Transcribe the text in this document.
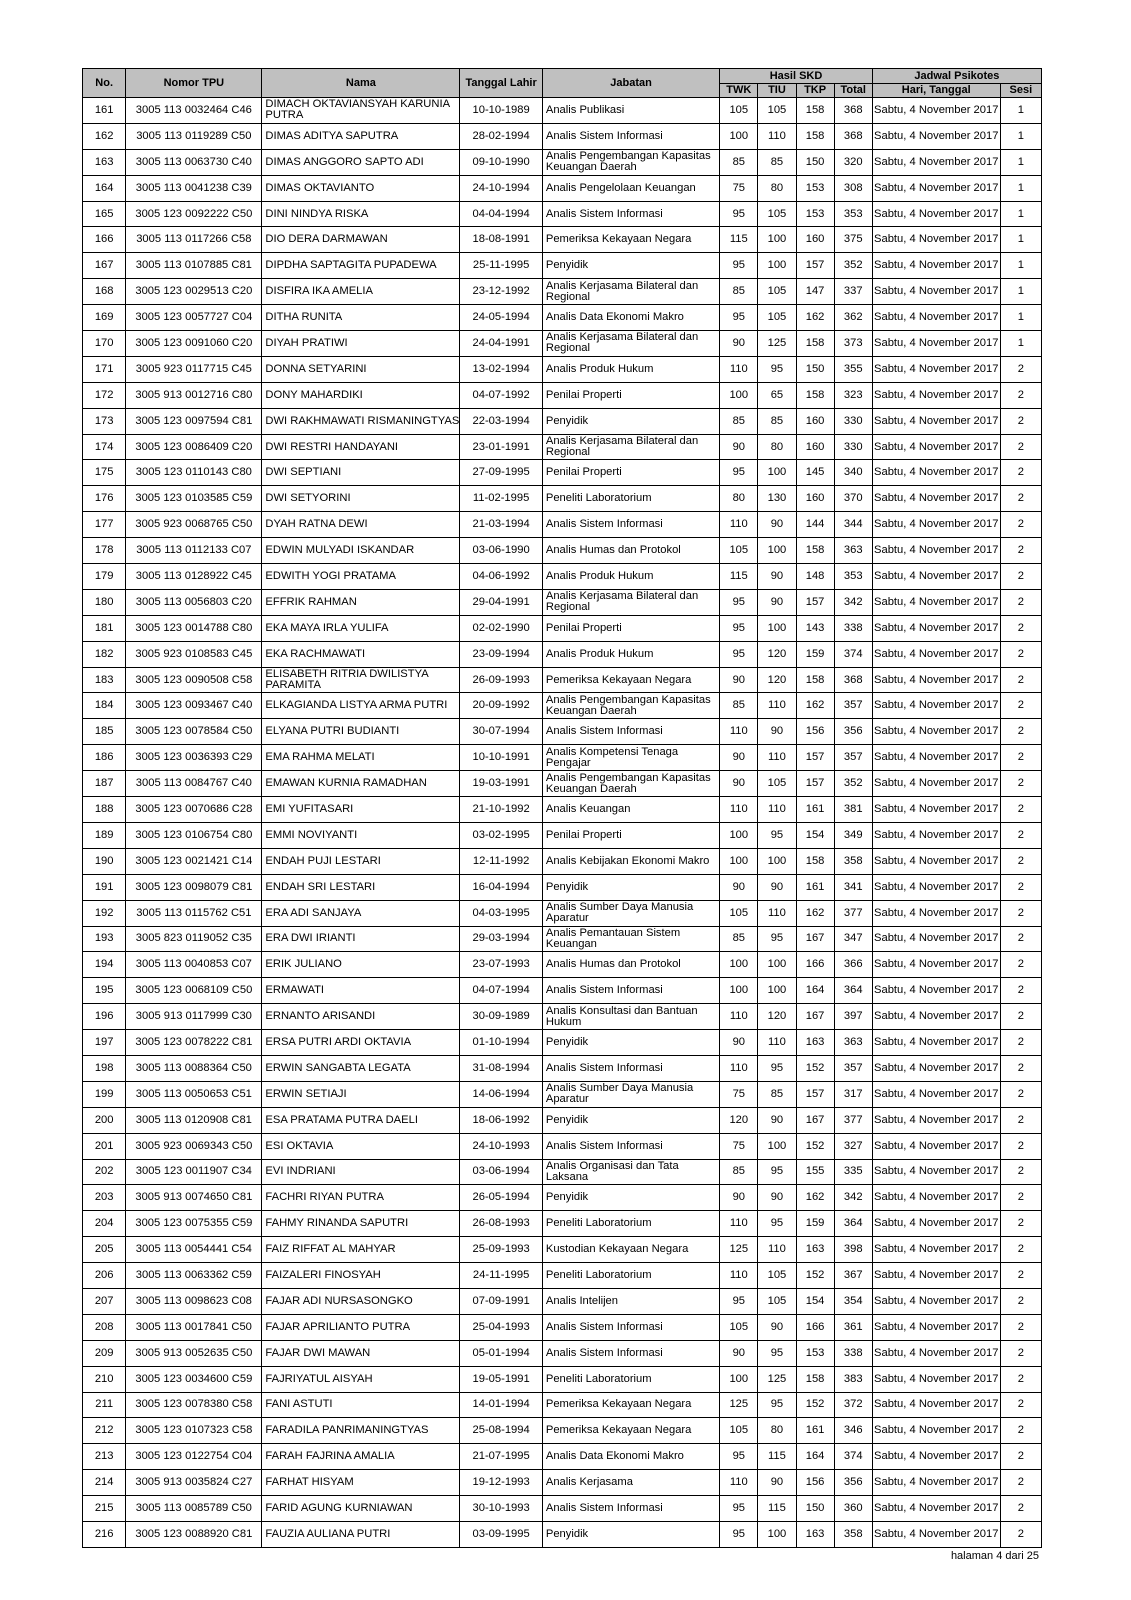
No.	Nomor TPU	Nama	Tanggal Lahir	Jabatan	Hasil SKD				Jadwal Psikotes	
					TWK	TIU	TKP	Total	Hari, Tanggal	Sesi
161	3005 113 0032464 C46	DIMACH OKTAVIANSYAH KARUNIA PUTRA	10-10-1989	Analis Publikasi	105	105	158	368	Sabtu, 4 November 2017	1
162	3005 113 0119289 C50	DIMAS ADITYA SAPUTRA	28-02-1994	Analis Sistem Informasi	100	110	158	368	Sabtu, 4 November 2017	1
163	3005 113 0063730 C40	DIMAS ANGGORO SAPTO ADI	09-10-1990	Analis Pengembangan Kapasitas Keuangan Daerah	85	85	150	320	Sabtu, 4 November 2017	1
164	3005 113 0041238 C39	DIMAS OKTAVIANTO	24-10-1994	Analis Pengelolaan Keuangan	75	80	153	308	Sabtu, 4 November 2017	1
165	3005 123 0092222 C50	DINI NINDYA RISKA	04-04-1994	Analis Sistem Informasi	95	105	153	353	Sabtu, 4 November 2017	1
166	3005 113 0117266 C58	DIO DERA DARMAWAN	18-08-1991	Pemeriksa Kekayaan Negara	115	100	160	375	Sabtu, 4 November 2017	1
167	3005 113 0107885 C81	DIPDHA SAPTAGITA PUPADEWA	25-11-1995	Penyidik	95	100	157	352	Sabtu, 4 November 2017	1
168	3005 123 0029513 C20	DISFIRA IKA AMELIA	23-12-1992	Analis Kerjasama Bilateral dan Regional	85	105	147	337	Sabtu, 4 November 2017	1
169	3005 123 0057727 C04	DITHA RUNITA	24-05-1994	Analis Data Ekonomi Makro	95	105	162	362	Sabtu, 4 November 2017	1
170	3005 123 0091060 C20	DIYAH PRATIWI	24-04-1991	Analis Kerjasama Bilateral dan Regional	90	125	158	373	Sabtu, 4 November 2017	1
171	3005 923 0117715 C45	DONNA SETYARINI	13-02-1994	Analis Produk Hukum	110	95	150	355	Sabtu, 4 November 2017	2
172	3005 913 0012716 C80	DONY MAHARDIKI	04-07-1992	Penilai Properti	100	65	158	323	Sabtu, 4 November 2017	2
173	3005 123 0097594 C81	DWI RAKHMAWATI RISMANINGTYAS	22-03-1994	Penyidik	85	85	160	330	Sabtu, 4 November 2017	2
174	3005 123 0086409 C20	DWI RESTRI HANDAYANI	23-01-1991	Analis Kerjasama Bilateral dan Regional	90	80	160	330	Sabtu, 4 November 2017	2
175	3005 123 0110143 C80	DWI SEPTIANI	27-09-1995	Penilai Properti	95	100	145	340	Sabtu, 4 November 2017	2
176	3005 123 0103585 C59	DWI SETYORINI	11-02-1995	Peneliti Laboratorium	80	130	160	370	Sabtu, 4 November 2017	2
177	3005 923 0068765 C50	DYAH RATNA DEWI	21-03-1994	Analis Sistem Informasi	110	90	144	344	Sabtu, 4 November 2017	2
178	3005 113 0112133 C07	EDWIN MULYADI ISKANDAR	03-06-1990	Analis Humas dan Protokol	105	100	158	363	Sabtu, 4 November 2017	2
179	3005 113 0128922 C45	EDWITH YOGI PRATAMA	04-06-1992	Analis Produk Hukum	115	90	148	353	Sabtu, 4 November 2017	2
180	3005 113 0056803 C20	EFFRIK RAHMAN	29-04-1991	Analis Kerjasama Bilateral dan Regional	95	90	157	342	Sabtu, 4 November 2017	2
181	3005 123 0014788 C80	EKA MAYA IRLA YULIFA	02-02-1990	Penilai Properti	95	100	143	338	Sabtu, 4 November 2017	2
182	3005 923 0108583 C45	EKA RACHMAWATI	23-09-1994	Analis Produk Hukum	95	120	159	374	Sabtu, 4 November 2017	2
183	3005 123 0090508 C58	ELISABETH RITRIA DWILISTYA PARAMITA	26-09-1993	Pemeriksa Kekayaan Negara	90	120	158	368	Sabtu, 4 November 2017	2
184	3005 123 0093467 C40	ELKAGIANDA LISTYA ARMA PUTRI	20-09-1992	Analis Pengembangan Kapasitas Keuangan Daerah	85	110	162	357	Sabtu, 4 November 2017	2
185	3005 123 0078584 C50	ELYANA PUTRI BUDIANTI	30-07-1994	Analis Sistem Informasi	110	90	156	356	Sabtu, 4 November 2017	2
186	3005 123 0036393 C29	EMA RAHMA MELATI	10-10-1991	Analis Kompetensi Tenaga Pengajar	90	110	157	357	Sabtu, 4 November 2017	2
187	3005 113 0084767 C40	EMAWAN KURNIA RAMADHAN	19-03-1991	Analis Pengembangan Kapasitas Keuangan Daerah	90	105	157	352	Sabtu, 4 November 2017	2
188	3005 123 0070686 C28	EMI YUFITASARI	21-10-1992	Analis Keuangan	110	110	161	381	Sabtu, 4 November 2017	2
189	3005 123 0106754 C80	EMMI NOVIYANTI	03-02-1995	Penilai Properti	100	95	154	349	Sabtu, 4 November 2017	2
190	3005 123 0021421 C14	ENDAH PUJI LESTARI	12-11-1992	Analis Kebijakan Ekonomi Makro	100	100	158	358	Sabtu, 4 November 2017	2
191	3005 123 0098079 C81	ENDAH SRI LESTARI	16-04-1994	Penyidik	90	90	161	341	Sabtu, 4 November 2017	2
192	3005 113 0115762 C51	ERA ADI SANJAYA	04-03-1995	Analis Sumber Daya Manusia Aparatur	105	110	162	377	Sabtu, 4 November 2017	2
193	3005 823 0119052 C35	ERA DWI IRIANTI	29-03-1994	Analis Pemantauan Sistem Keuangan	85	95	167	347	Sabtu, 4 November 2017	2
194	3005 113 0040853 C07	ERIK JULIANO	23-07-1993	Analis Humas dan Protokol	100	100	166	366	Sabtu, 4 November 2017	2
195	3005 123 0068109 C50	ERMAWATI	04-07-1994	Analis Sistem Informasi	100	100	164	364	Sabtu, 4 November 2017	2
196	3005 913 0117999 C30	ERNANTO ARISANDI	30-09-1989	Analis Konsultasi dan Bantuan Hukum	110	120	167	397	Sabtu, 4 November 2017	2
197	3005 123 0078222 C81	ERSA PUTRI ARDI OKTAVIA	01-10-1994	Penyidik	90	110	163	363	Sabtu, 4 November 2017	2
198	3005 113 0088364 C50	ERWIN SANGABTA LEGATA	31-08-1994	Analis Sistem Informasi	110	95	152	357	Sabtu, 4 November 2017	2
199	3005 113 0050653 C51	ERWIN SETIAJI	14-06-1994	Analis Sumber Daya Manusia Aparatur	75	85	157	317	Sabtu, 4 November 2017	2
200	3005 113 0120908 C81	ESA PRATAMA PUTRA DAELI	18-06-1992	Penyidik	120	90	167	377	Sabtu, 4 November 2017	2
201	3005 923 0069343 C50	ESI OKTAVIA	24-10-1993	Analis Sistem Informasi	75	100	152	327	Sabtu, 4 November 2017	2
202	3005 123 0011907 C34	EVI INDRIANI	03-06-1994	Analis Organisasi dan Tata Laksana	85	95	155	335	Sabtu, 4 November 2017	2
203	3005 913 0074650 C81	FACHRI RIYAN PUTRA	26-05-1994	Penyidik	90	90	162	342	Sabtu, 4 November 2017	2
204	3005 123 0075355 C59	FAHMY RINANDA SAPUTRI	26-08-1993	Peneliti Laboratorium	110	95	159	364	Sabtu, 4 November 2017	2
205	3005 113 0054441 C54	FAIZ RIFFAT AL MAHYAR	25-09-1993	Kustodian Kekayaan Negara	125	110	163	398	Sabtu, 4 November 2017	2
206	3005 113 0063362 C59	FAIZALERI FINOSYAH	24-11-1995	Peneliti Laboratorium	110	105	152	367	Sabtu, 4 November 2017	2
207	3005 113 0098623 C08	FAJAR ADI NURSASONGKO	07-09-1991	Analis Intelijen	95	105	154	354	Sabtu, 4 November 2017	2
208	3005 113 0017841 C50	FAJAR APRILIANTO PUTRA	25-04-1993	Analis Sistem Informasi	105	90	166	361	Sabtu, 4 November 2017	2
209	3005 913 0052635 C50	FAJAR DWI MAWAN	05-01-1994	Analis Sistem Informasi	90	95	153	338	Sabtu, 4 November 2017	2
210	3005 123 0034600 C59	FAJRIYATUL AISYAH	19-05-1991	Peneliti Laboratorium	100	125	158	383	Sabtu, 4 November 2017	2
211	3005 123 0078380 C58	FANI ASTUTI	14-01-1994	Pemeriksa Kekayaan Negara	125	95	152	372	Sabtu, 4 November 2017	2
212	3005 123 0107323 C58	FARADILA PANRIMANINGTYAS	25-08-1994	Pemeriksa Kekayaan Negara	105	80	161	346	Sabtu, 4 November 2017	2
213	3005 123 0122754 C04	FARAH FAJRINA AMALIA	21-07-1995	Analis Data Ekonomi Makro	95	115	164	374	Sabtu, 4 November 2017	2
214	3005 913 0035824 C27	FARHAT HISYAM	19-12-1993	Analis Kerjasama	110	90	156	356	Sabtu, 4 November 2017	2
215	3005 113 0085789 C50	FARID AGUNG KURNIAWAN	30-10-1993	Analis Sistem Informasi	95	115	150	360	Sabtu, 4 November 2017	2
216	3005 123 0088920 C81	FAUZIA AULIANA PUTRI	03-09-1995	Penyidik	95	100	163	358	Sabtu, 4 November 2017	2
halaman 4 dari 25
